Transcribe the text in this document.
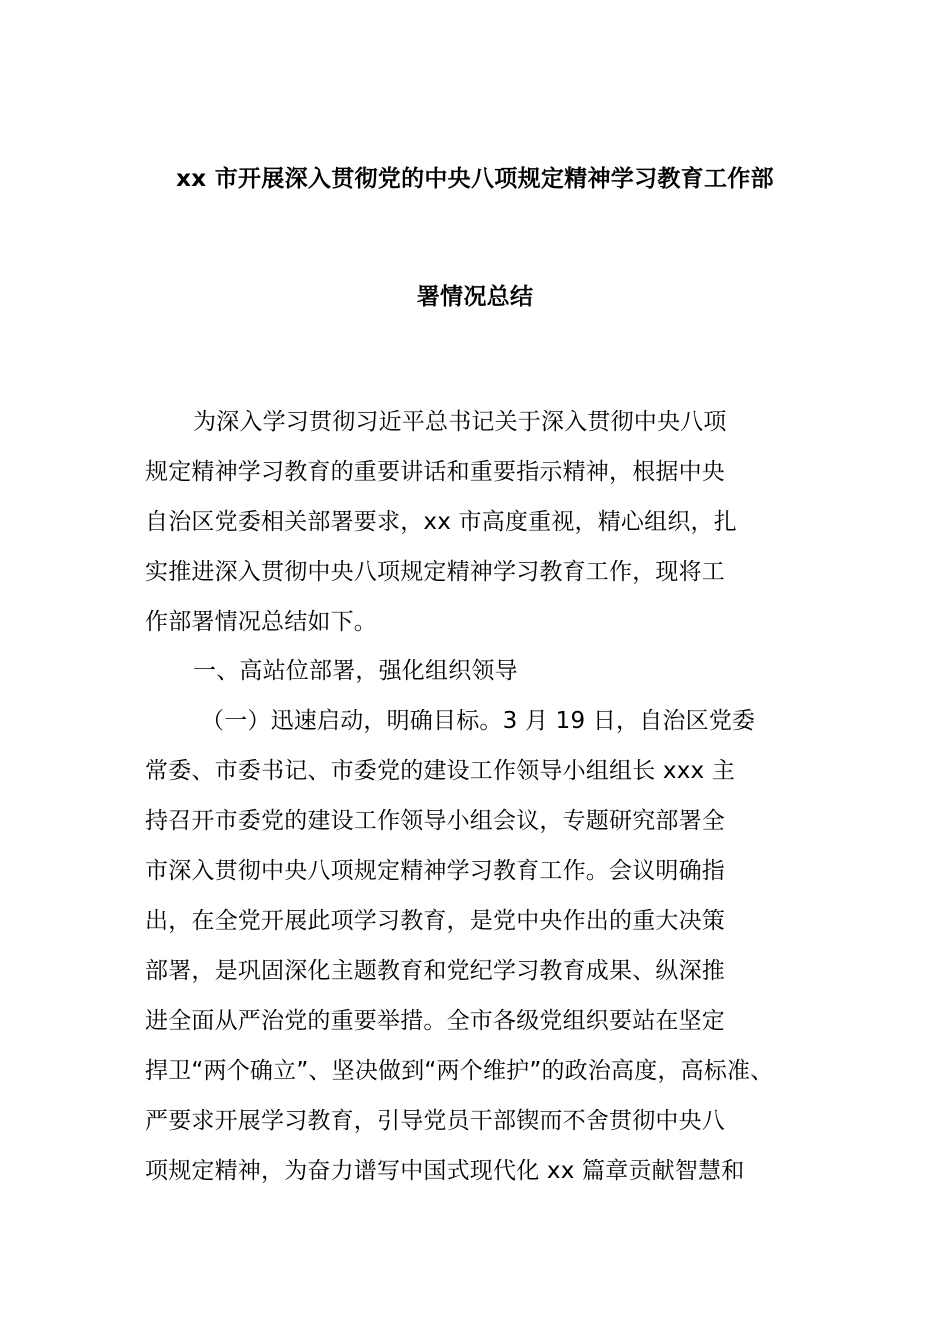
xx 市开展深入贯彻党的中央八项规定精神学习教育工作部
署情况总结
为深入学习贯彻习近平总书记关于深入贯彻中央八项
规定精神学习教育的重要讲话和重要指示精神，根据中央
自治区党委相关部署要求，xx 市高度重视，精心组织，扎
实推进深入贯彻中央八项规定精神学习教育工作，现将工
作部署情况总结如下。
一、高站位部署，强化组织领导
（一）迅速启动，明确目标。3 月 19 日，自治区党委
常委、市委书记、市委党的建设工作领导小组组长 xxx 主
持召开市委党的建设工作领导小组会议，专题研究部署全
市深入贯彻中央八项规定精神学习教育工作。会议明确指
出，在全党开展此项学习教育，是党中央作出的重大决策
部署，是巩固深化主题教育和党纪学习教育成果、纵深推
进全面从严治党的重要举措。全市各级党组织要站在坚定
捍卫“两个确立”、坚决做到“两个维护”的政治高度，高标准、
严要求开展学习教育，引导党员干部锲而不舍贯彻中央八
项规定精神，为奋力谱写中国式现代化 xx 篇章贡献智慧和
